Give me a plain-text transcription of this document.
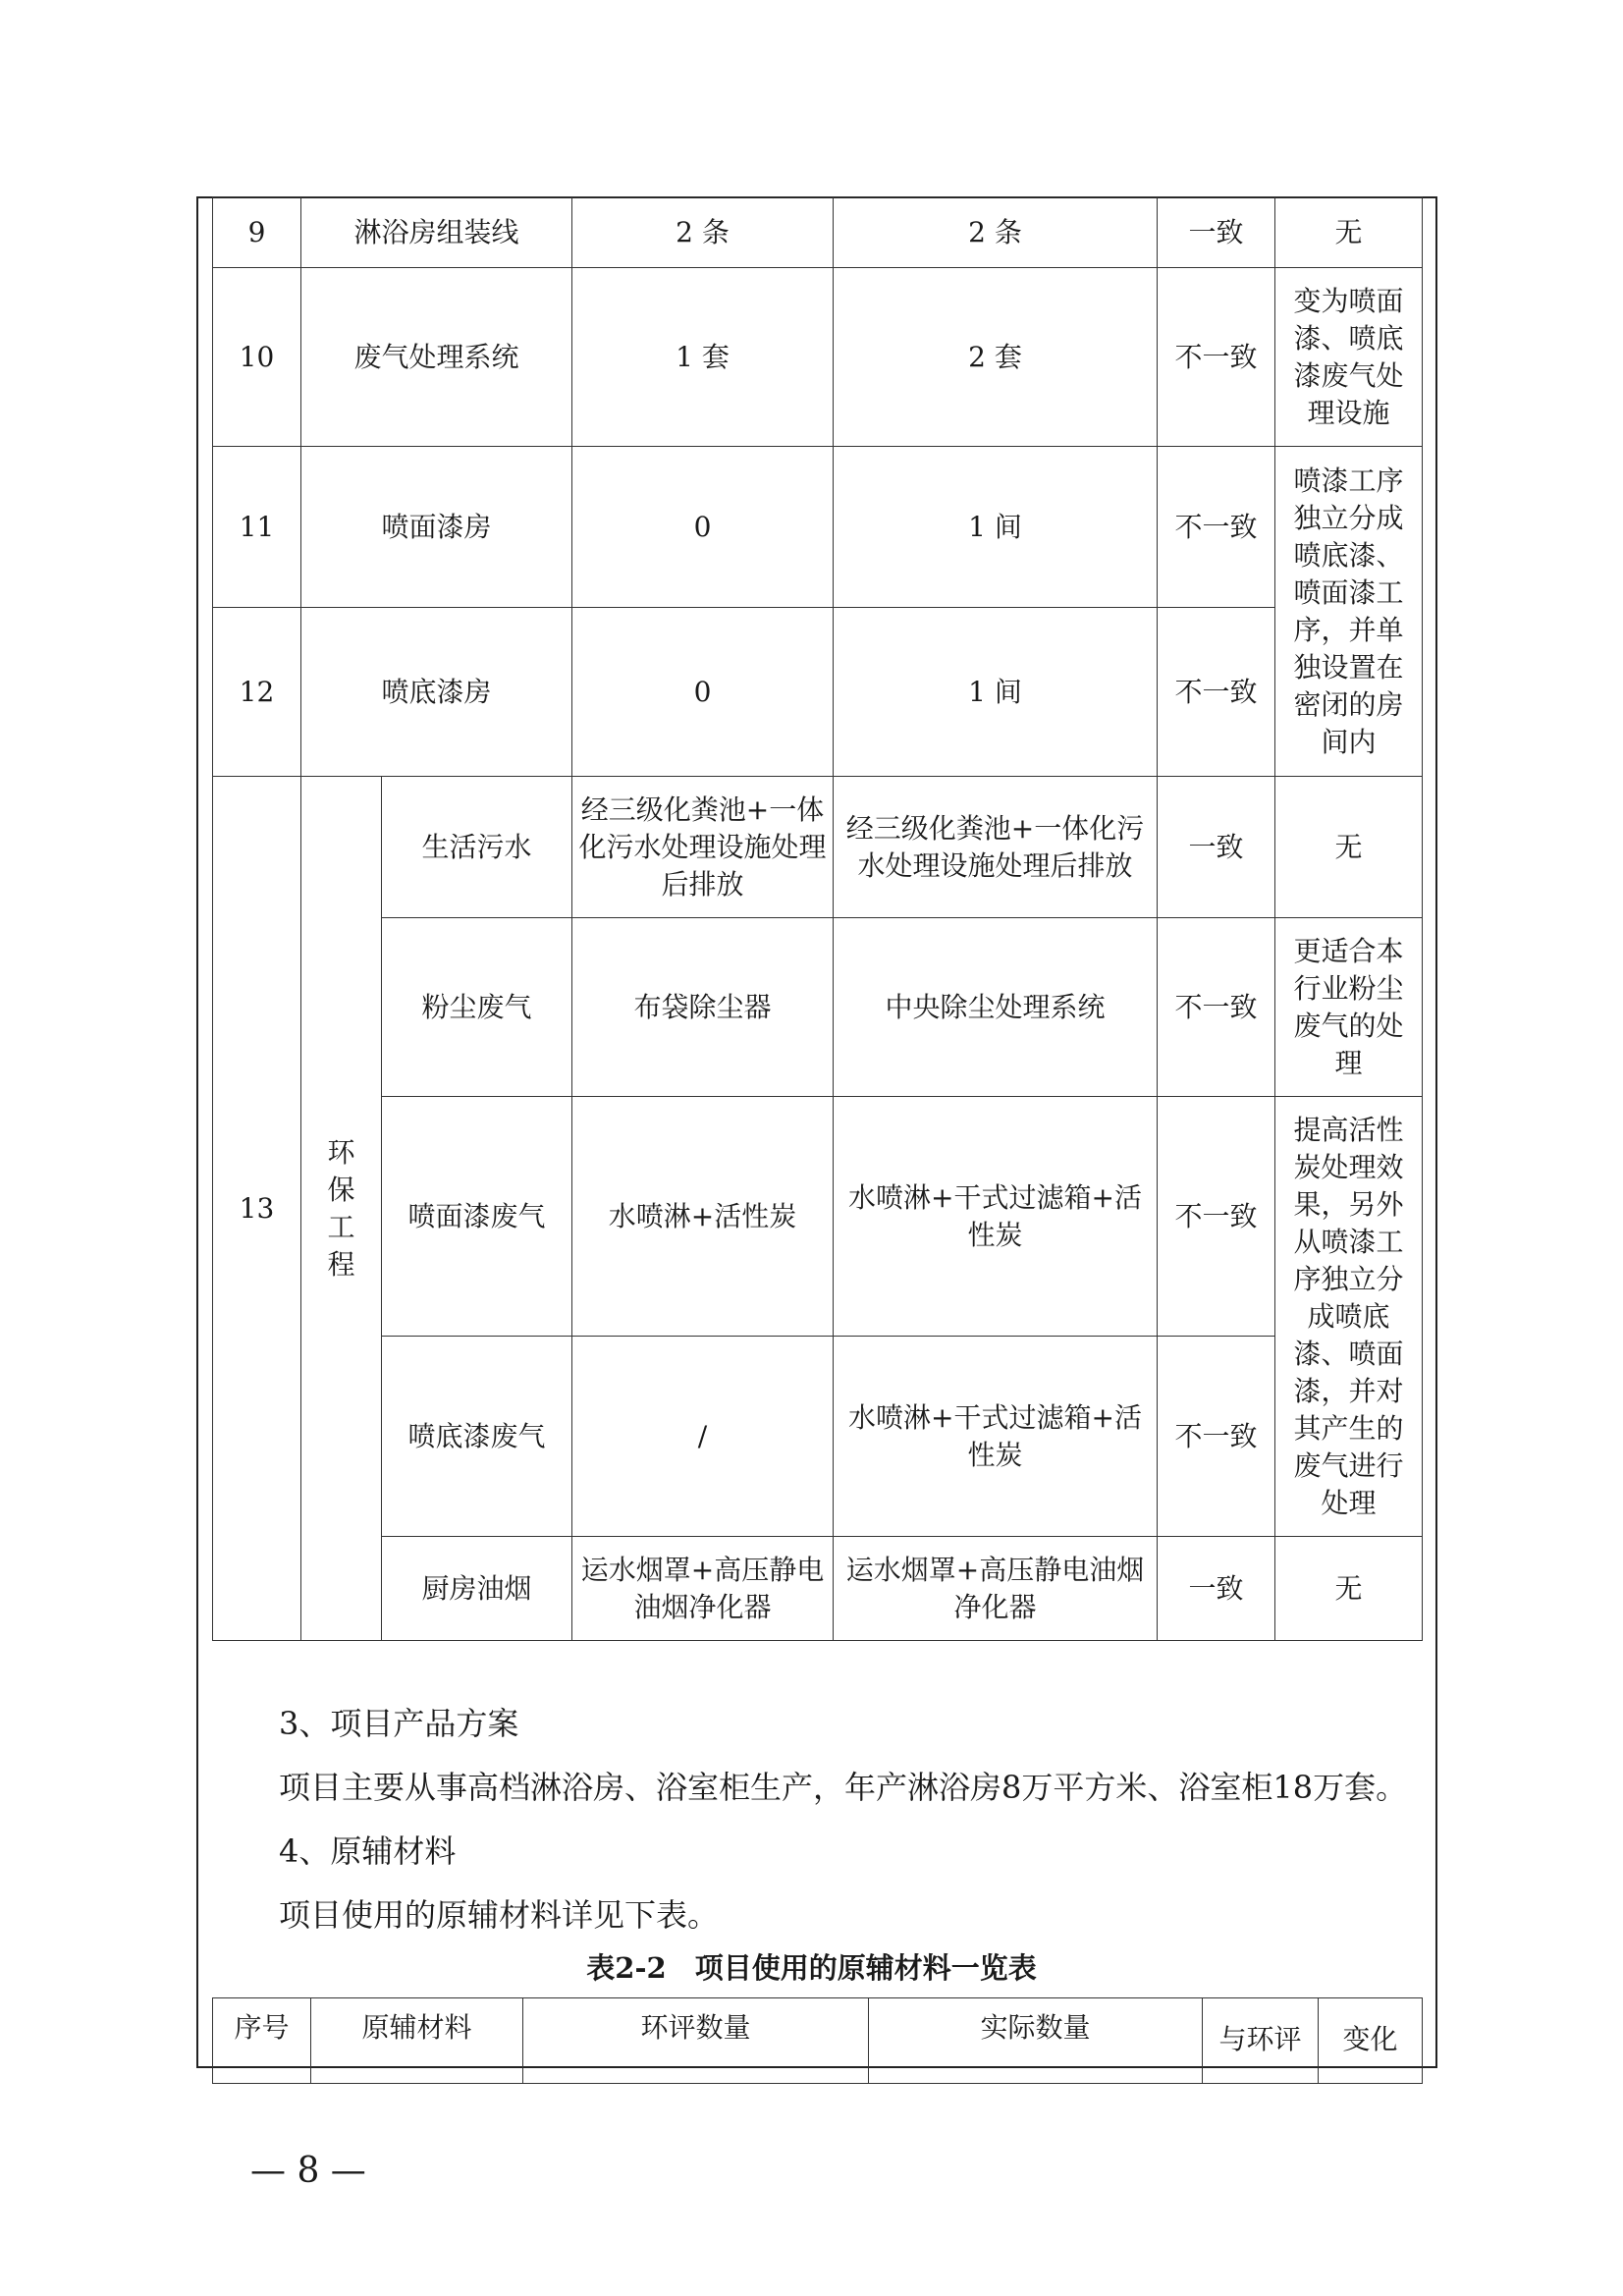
9	淋浴房组装线		2 条	2 条	一致	无
10	废气处理系统		1 套	2 套	不一致	变为喷面漆、喷底漆废气处理设施
11	喷面漆房		0	1 间	不一致	喷漆工序独立分成喷底漆、喷面漆工序，并单独设置在密闭的房间内
12	喷底漆房		0	1 间	不一致	
13	环保工程	生活污水	经三级化粪池+一体化污水处理设施处理后排放	经三级化粪池+一体化污水处理设施处理后排放	一致	无
		粉尘废气	布袋除尘器	中央除尘处理系统	不一致	更适合本行业粉尘废气的处理
		喷面漆废气	水喷淋+活性炭	水喷淋+干式过滤箱+活性炭	不一致	提高活性炭处理效果，另外从喷漆工序独立分成喷底漆、喷面漆，并对其产生的废气进行处理
		喷底漆废气	/	水喷淋+干式过滤箱+活性炭	不一致	
		厨房油烟	运水烟罩+高压静电油烟净化器	运水烟罩+高压静电油烟净化器	一致	无
3、项目产品方案
项目主要从事高档淋浴房、浴室柜生产，年产淋浴房8万平方米、浴室柜18万套。
4、原辅材料
项目使用的原辅材料详见下表。
表2-2　项目使用的原辅材料一览表
序号	原辅材料	环评数量	实际数量	与环评	变化
— 8 —
